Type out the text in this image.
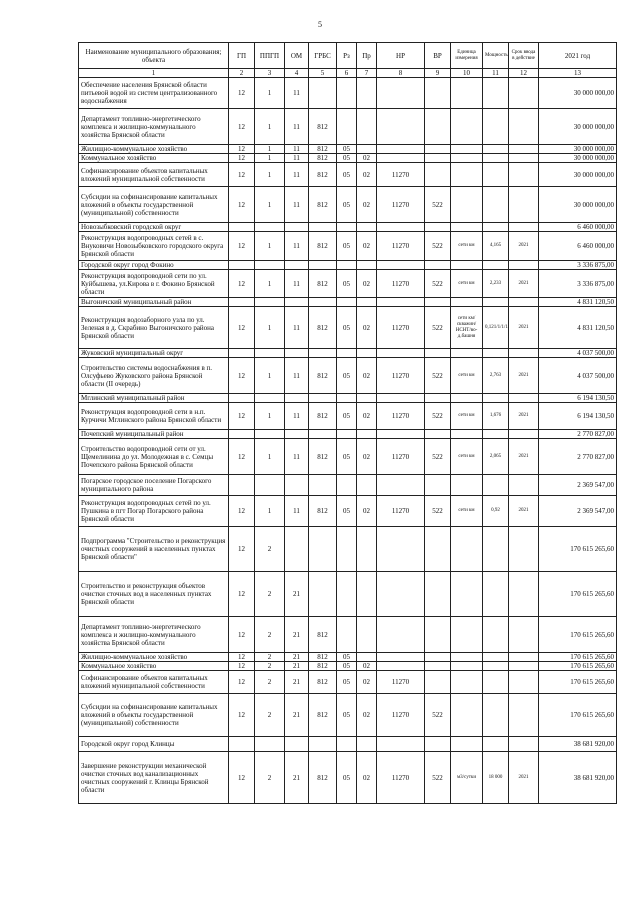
5
Наименование муниципального образования; объекта	ГП	ППГП	ОМ	ГРБС	Рз	Пр	НР	ВР	Единица измерения	Мощность	Срок ввода в действие	2021 год
1	2	3	4	5	6	7	8	9	10	11	12	13
Обеспечение населения Брянской области питьевой водой из систем централизованного водоснабжения	12	1	11									30 000 000,00
Департамент топливно-энергетического комплекса и жилищно-коммунального хозяйства Брянской области	12	1	11	812								30 000 000,00
Жилищно-коммунальное хозяйство	12	1	11	812	05							30 000 000,00
Коммунальное хозяйство	12	1	11	812	05	02						30 000 000,00
Софинансирование объектов капитальных вложений муниципальной собственности	12	1	11	812	05	02	11270					30 000 000,00
Субсидии на софинансирование капитальных вложений в объекты государственной (муниципальной) собственности	12	1	11	812	05	02	11270	522				30 000 000,00
Новозыбковский городской округ												6 460 000,00
Реконструкция водопроводных сетей в с. Внуковичи Новозыбковского городского округа Брянской области	12	1	11	812	05	02	11270	522	сети км	4,165	2021	6 460 000,00
Городской округ город Фокино												3 336 875,00
Реконструкция водопроводной сети по ул. Куйбышева, ул.Кирова в г. Фокино Брянской области	12	1	11	812	05	02	11270	522	сети км	2,233	2021	3 336 875,00
Выгоничский муниципальный район												4 831 120,50
Реконструкция водозаборного узла по ул. Зеленая в д. Скрабино Выгоничского района Брянской области	12	1	11	812	05	02	11270	522	сети км/скважин/НСНТ/во-д.башня	0,121/1/1/1	2021	4 831 120,50
Жуковский муниципальный округ												4 037 500,00
Строительство системы водоснабжения в п. Олсуфьево Жуковского района Брянской области (II очередь)	12	1	11	812	05	02	11270	522	сети км	2,763	2021	4 037 500,00
Мглинский муниципальный район												6 194 130,50
Реконструкция водопроводной сети в н.п. Курчичи Мглинского района Брянской области	12	1	11	812	05	02	11270	522	сети км	1,676	2021	6 194 130,50
Почепский муниципальный район												2 770 827,00
Строительство водопроводной сети от ул. Щемелинина до ул. Молодежная в с. Семцы Почепского района Брянской области	12	1	11	812	05	02	11270	522	сети км	2,065	2021	2 770 827,00
Погарское городское поселение Погарского муниципального района												2 369 547,00
Реконструкция водопроводных сетей по ул. Пушкина в пгт Погар Погарского района Брянской области	12	1	11	812	05	02	11270	522	сети км	0,92	2021	2 369 547,00
Подпрограмма "Строительство и реконструкция очистных сооружений в населенных пунктах Брянской области"	12	2										170 615 265,60
Строительство и реконструкция объектов очистки сточных вод в населенных пунктах Брянской области	12	2	21									170 615 265,60
Департамент топливно-энергетического комплекса и жилищно-коммунального хозяйства Брянской области	12	2	21	812								170 615 265,60
Жилищно-коммунальное хозяйство	12	2	21	812	05							170 615 265,60
Коммунальное хозяйство	12	2	21	812	05	02						170 615 265,60
Софинансирование объектов капитальных вложений муниципальной собственности	12	2	21	812	05	02	11270					170 615 265,60
Субсидии на софинансирование капитальных вложений в объекты государственной (муниципальной) собственности	12	2	21	812	05	02	11270	522				170 615 265,60
Городской округ город Клинцы												38 681 920,00
Завершение реконструкции механической очистки сточных вод канализационных очистных сооружений г. Клинцы Брянской области	12	2	21	812	05	02	11270	522	м3/сутки	18 000	2021	38 681 920,00
